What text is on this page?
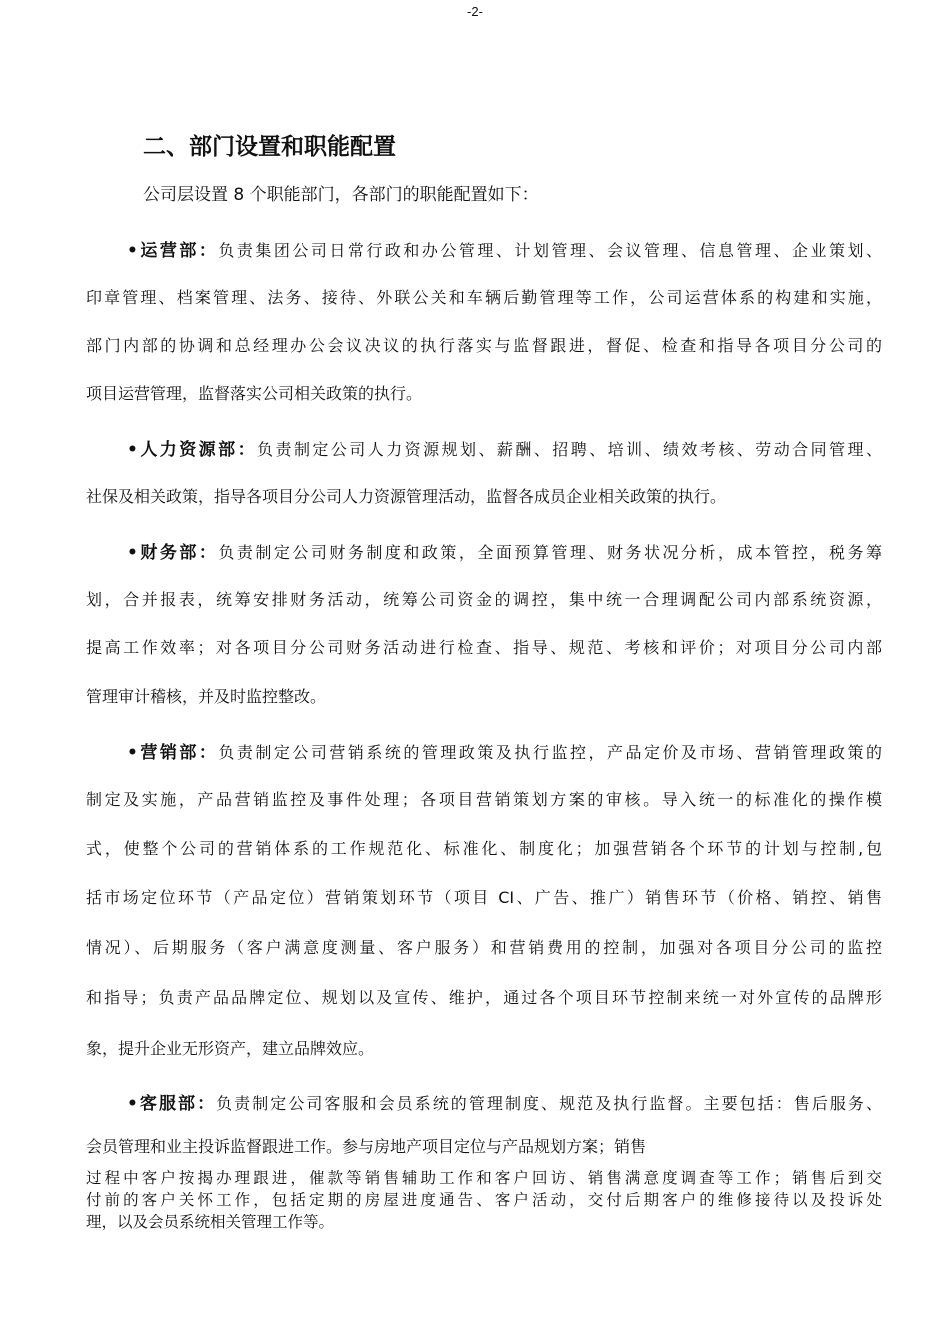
-2-
二、部门设置和职能配置
公司层设置 8 个职能部门，各部门的职能配置如下：
•运营部：负责集团公司日常行政和办公管理、计划管理、会议管理、信息管理、企业策划、
印章管理、档案管理、法务、接待、外联公关和车辆后勤管理等工作，公司运营体系的构建和实施，
部门内部的协调和总经理办公会议决议的执行落实与监督跟进，督促、检查和指导各项目分公司的
项目运营管理，监督落实公司相关政策的执行。
•人力资源部：负责制定公司人力资源规划、薪酬、招聘、培训、绩效考核、劳动合同管理、
社保及相关政策，指导各项目分公司人力资源管理活动，监督各成员企业相关政策的执行。
•财务部：负责制定公司财务制度和政策，全面预算管理、财务状况分析，成本管控，税务筹
划，合并报表，统筹安排财务活动，统筹公司资金的调控，集中统一合理调配公司内部系统资源，
提高工作效率；对各项目分公司财务活动进行检查、指导、规范、考核和评价；对项目分公司内部
管理审计稽核，并及时监控整改。
•营销部：负责制定公司营销系统的管理政策及执行监控，产品定价及市场、营销管理政策的
制定及实施，产品营销监控及事件处理；各项目营销策划方案的审核。导入统一的标准化的操作模
式，使整个公司的营销体系的工作规范化、标准化、制度化；加强营销各个环节的计划与控制,包
括市场定位环节（产品定位）营销策划环节（项目 CI、广告、推广）销售环节（价格、销控、销售
情况）、后期服务（客户满意度测量、客户服务）和营销费用的控制，加强对各项目分公司的监控
和指导；负责产品品牌定位、规划以及宣传、维护，通过各个项目环节控制来统一对外宣传的品牌形
象，提升企业无形资产，建立品牌效应。
•客服部：负责制定公司客服和会员系统的管理制度、规范及执行监督。主要包括：售后服务、
会员管理和业主投诉监督跟进工作。参与房地产项目定位与产品规划方案；销售
过程中客户按揭办理跟进，催款等销售辅助工作和客户回访、销售满意度调查等工作；销售后到交
付前的客户关怀工作，包括定期的房屋进度通告、客户活动，交付后期客户的维修接待以及投诉处
理，以及会员系统相关管理工作等。
